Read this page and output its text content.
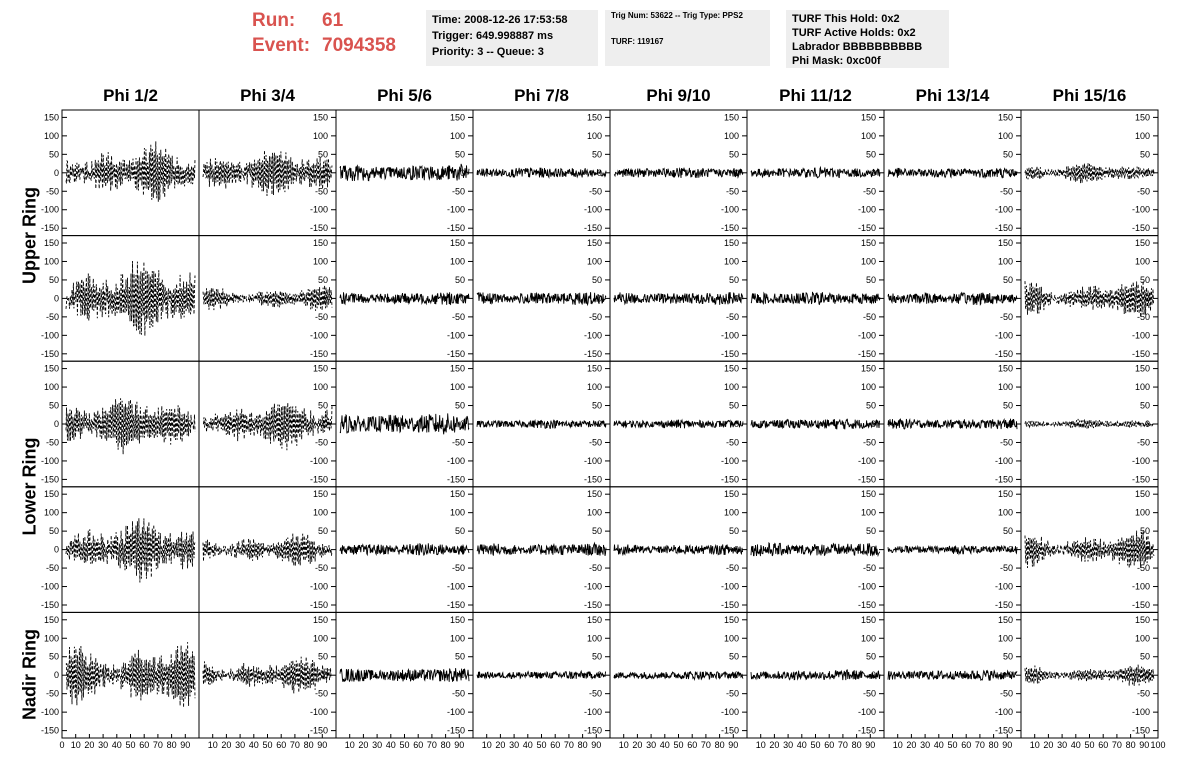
Run: 61
Event: 7094358
Time: 2008-12-26 17:53:58
Trigger: 649.998887 ms
Priority: 3 -- Queue: 3
Trig Num: 53622 -- Trig Type: PPS2
TURF: 119167
TURF This Hold: 0x2
TURF Active Holds: 0x2
Labrador BBBBBBBBBB
Phi Mask: 0xc00f
Phi 1/2	Phi 3/4	Phi 5/6	Phi 7/8	Phi 9/10	Phi 11/12	Phi 13/14	Phi 15/16
Upper Ring
Lower Ring
Nadir Ring
-150
-100
-50
0
50
100
150
-150
-100
-50
0
50
100
150
-150
-100
-50
0
50
100
150
-150
-100
-50
0
50
100
150
-150
-100
-50
0
50
100
150
-150
-100
-50
0
50
100
150
-150
-100
-50
0
50
100
150
-150
-100
-50
0
50
100
150
-150
-100
-50
0
50
100
150
-150
-100
-50
0
50
100
150
-150
-100
-50
0
50
100
150
-150
-100
-50
0
50
100
150
-150
-100
-50
0
50
100
150
-150
-100
-50
0
50
100
150
-150
-100
-50
0
50
100
150
-150
-100
-50
0
50
100
150
-150
-100
-50
0
50
100
150
-150
-100
-50
0
50
100
150
-150
-100
-50
0
50
100
150
-150
-100
-50
0
50
100
150
-150
-100
-50
0
50
100
150
-150
-100
-50
0
50
100
150
-150
-100
-50
0
50
100
150
-150
-100
-50
0
50
100
150
-150
-100
-50
0
50
100
150
-150
-100
-50
0
50
100
150
-150
-100
-50
0
50
100
150
-150
-100
-50
0
50
100
150
-150
-100
-50
0
50
100
150
-150
-100
-50
0
50
100
150
-150
-100
-50
0
50
100
150
-150
-100
-50
0
50
100
150
-150
-100
-50
0
50
100
150
-150
-100
-50
0
50
100
150
-150
-100
-50
0
50
100
150
-150
-100
-50
0
50
100
150
-150
-100
-50
0
50
100
150
-150
-100
-50
0
50
100
150
-150
-100
-50
0
50
100
150
-150
-100
-50
0
50
100
150
0 10 20 30 40 50 60 70 80 90 10 20 30 40 50 60 70 80 90 10 20 30 40 50 60 70 80 90 10 20 30 40 50 60 70 80 90 10 20 30 40 50 60 70 80 90 10 20 30 40 50 60 70 80 90 10 20 30 40 50 60 70 80 90 10 20 30 40 50 60 70 80 90 100
